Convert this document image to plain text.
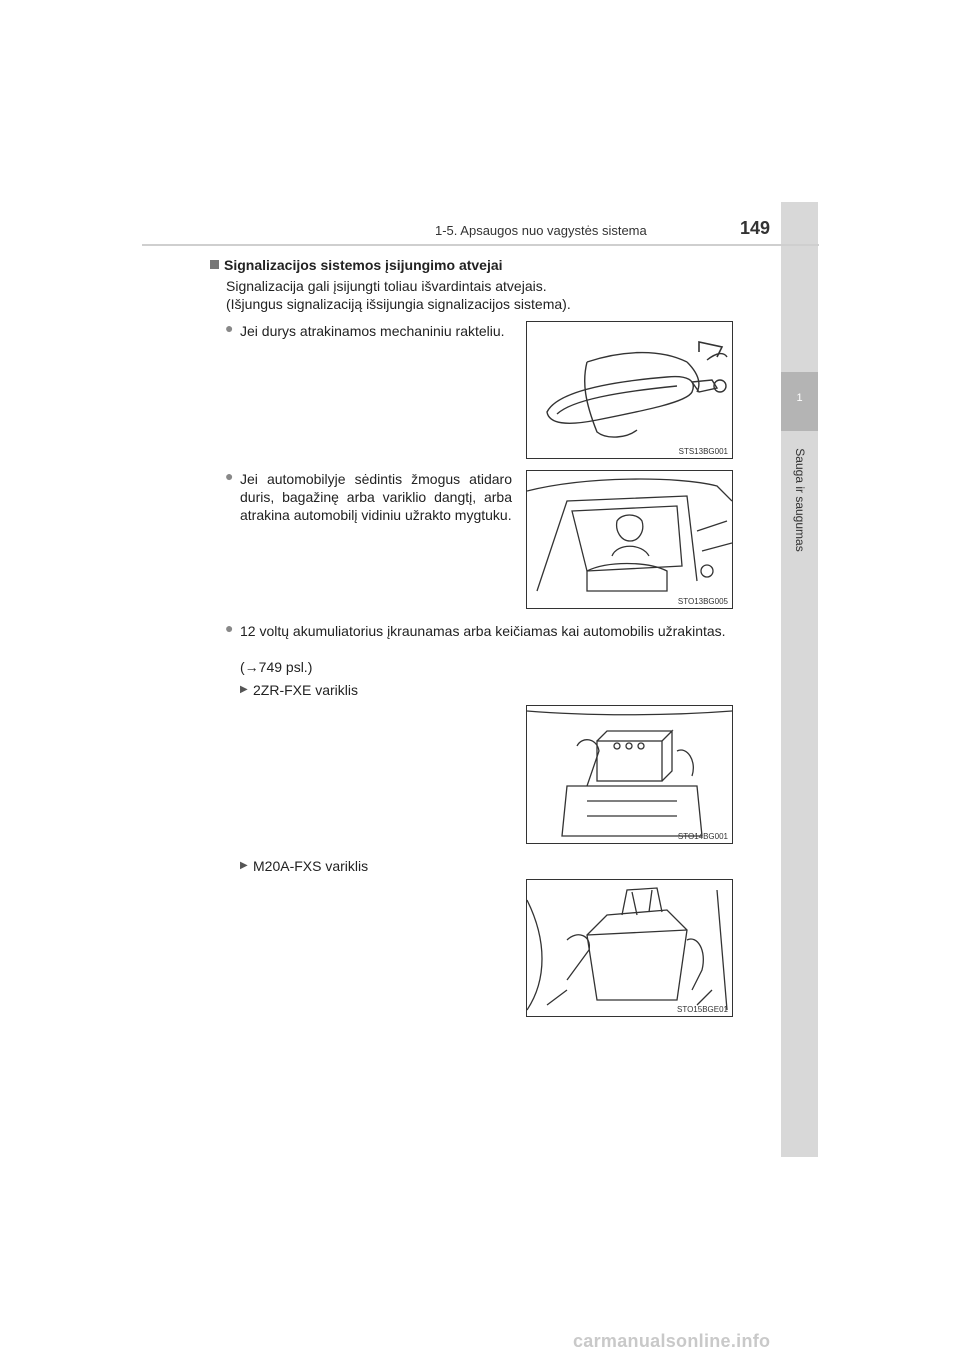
1
Sauga ir saugumas
1-5. Apsaugos nuo vagystės sistema	149
Signalizacijos sistemos įsijungimo atvejai
Signalizacija gali įsijungti toliau išvardintais atvejais.
(Išjungus signalizaciją išsijungia signalizacijos sistema).
● Jei durys atrakinamos mechaniniu rakteliu.
STS13BG001
● Jei automobilyje sėdintis žmogus atidaro duris, bagažinę arba variklio dangtį, arba atrakina automobilį vidiniu užrakto mygtuku.
STO13BG005
● 12 voltų akumuliatorius įkraunamas arba keičiamas kai automobilis užrakintas.
(→749 psl.)
▶ 2ZR-FXE variklis
STO14BG001
▶ M20A-FXS variklis
STO15BGE01
carmanualsonline.info
